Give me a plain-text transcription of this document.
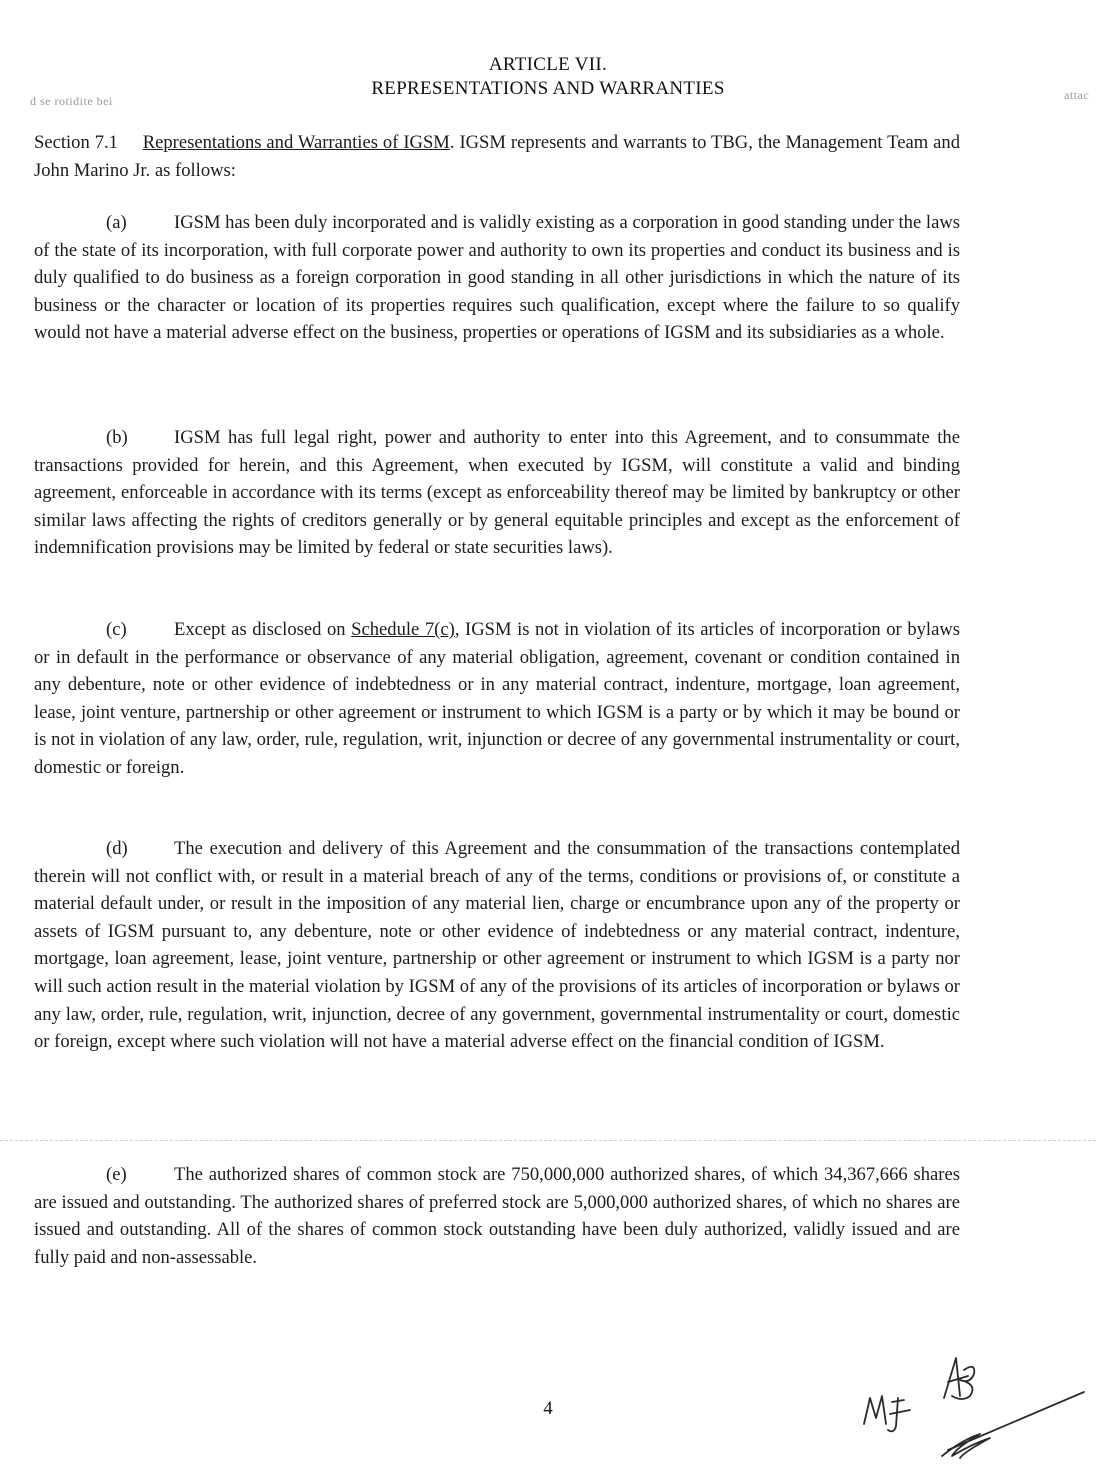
d se rotidite bei	attac
ARTICLE VII.
REPRESENTATIONS AND WARRANTIES
Section 7.1 Representations and Warranties of IGSM. IGSM represents and warrants to TBG, the Management Team and John Marino Jr. as follows:
(a)	IGSM has been duly incorporated and is validly existing as a corporation in good standing under the laws of the state of its incorporation, with full corporate power and authority to own its properties and conduct its business and is duly qualified to do business as a foreign corporation in good standing in all other jurisdictions in which the nature of its business or the character or location of its properties requires such qualification, except where the failure to so qualify would not have a material adverse effect on the business, properties or operations of IGSM and its subsidiaries as a whole.
(b) IGSM has full legal right, power and authority to enter into this Agreement, and to consummate the transactions provided for herein, and this Agreement, when executed by IGSM, will constitute a valid and binding agreement, enforceable in accordance with its terms (except as enforceability thereof may be limited by bankruptcy or other similar laws affecting the rights of creditors generally or by general equitable principles and except as the enforcement of indemnification provisions may be limited by federal or state securities laws).
(c)	Except as disclosed on Schedule 7(c), IGSM is not in violation of its articles of incorporation or bylaws or in default in the performance or observance of any material obligation, agreement, covenant or condition contained in any debenture, note or other evidence of indebtedness or in any material contract, indenture, mortgage, loan agreement, lease, joint venture, partnership or other agreement or instrument to which IGSM is a party or by which it may be bound or is not in violation of any law, order, rule, regulation, writ, injunction or decree of any governmental instrumentality or court, domestic or foreign.
(d) The execution and delivery of this Agreement and the consummation of the transactions contemplated therein will not conflict with, or result in a material breach of any of the terms, conditions or provisions of, or constitute a material default under, or result in the imposition of any material lien, charge or encumbrance upon any of the property or assets of IGSM pursuant to, any debenture, note or other evidence of indebtedness or any material contract, indenture, mortgage, loan agreement, lease, joint venture, partnership or other agreement or instrument to which IGSM is a party nor will such action result in the material violation by IGSM of any of the provisions of its articles of incorporation or bylaws or any law, order, rule, regulation, writ, injunction, decree of any government, governmental instrumentality or court, domestic or foreign, except where such violation will not have a material adverse effect on the financial condition of IGSM.
(e)	The authorized shares of common stock are 750,000,000 authorized shares, of which 34,367,666 shares are issued and outstanding. The authorized shares of preferred stock are 5,000,000 authorized shares, of which no shares are issued and outstanding. All of the shares of common stock outstanding have been duly authorized, validly issued and are fully paid and non-assessable.
4
